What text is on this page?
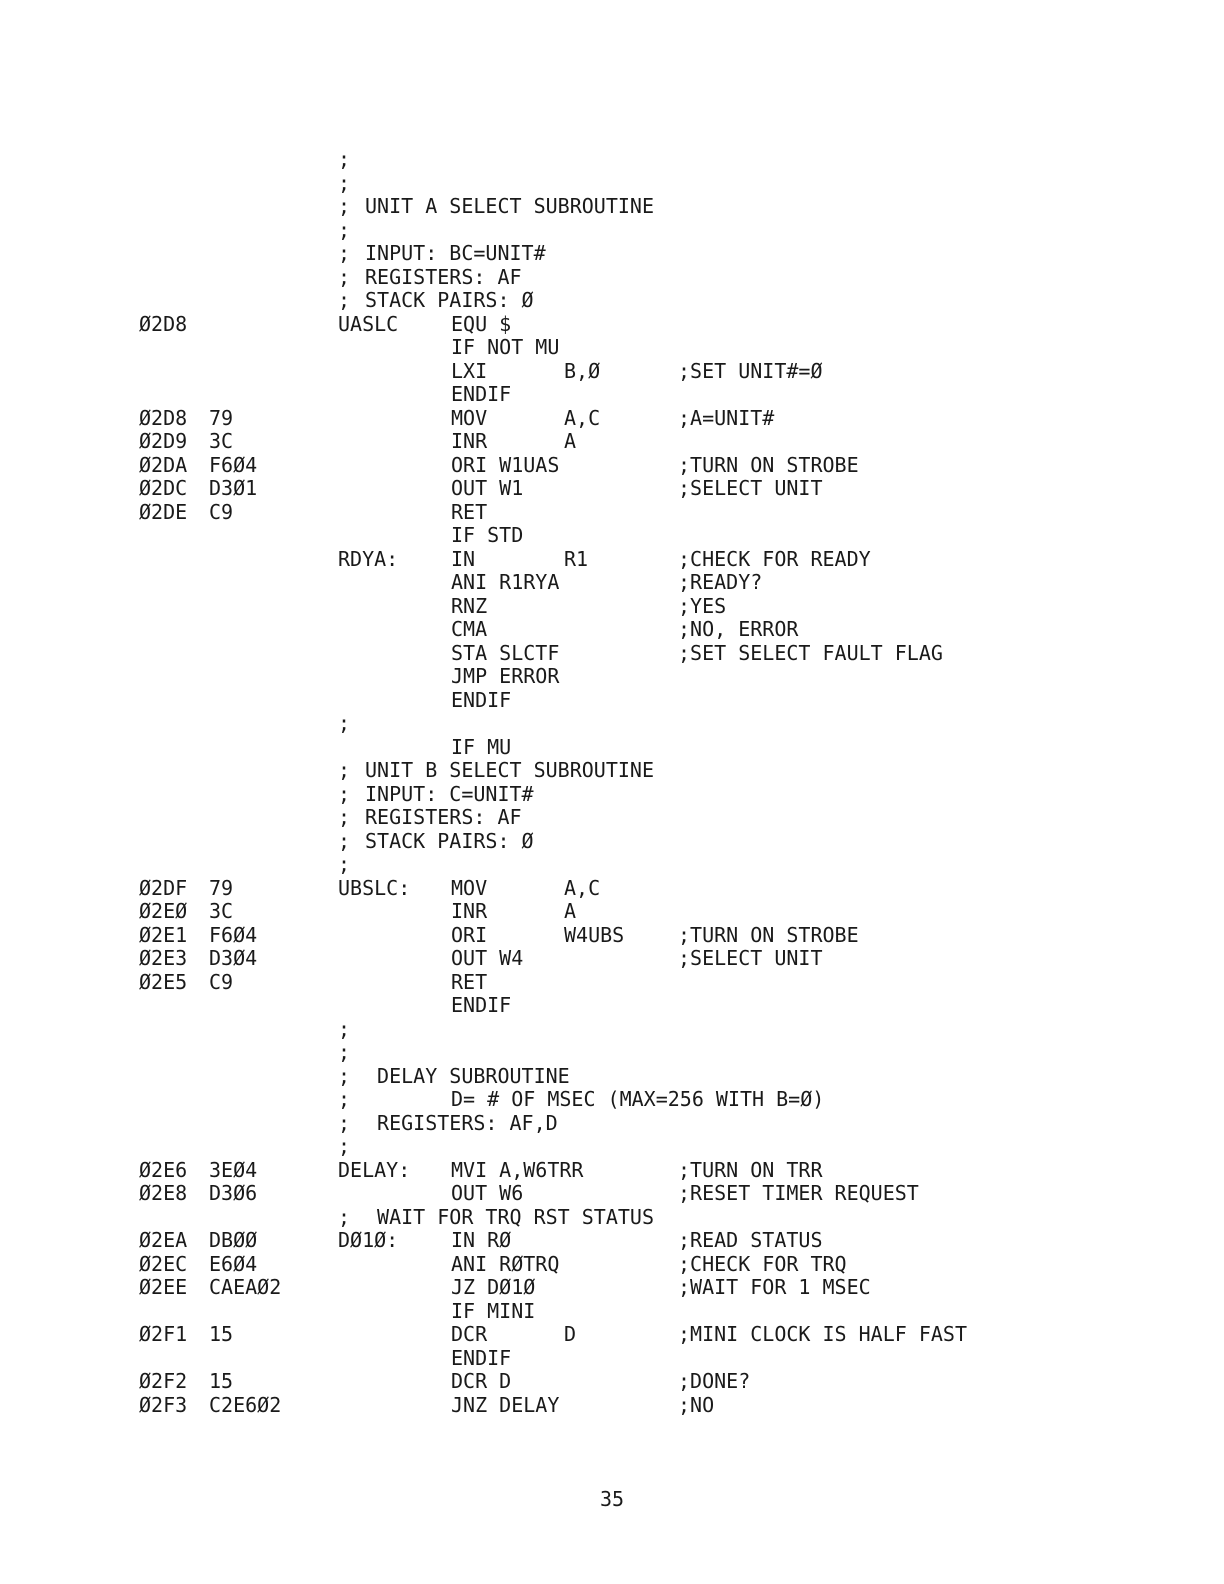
;
;
; UNIT A SELECT SUBROUTINE
;
; INPUT: BC=UNIT#
; REGISTERS: AF
; STACK PAIRS: Ø
Ø2D8	UASLC	EQU $
IF NOT MU
LXI	B,Ø	;SET UNIT#=Ø
ENDIF
Ø2D8 79	MOV	A,C	;A=UNIT#
Ø2D9 3C	INR	A
Ø2DA F6Ø4	ORI W1UAS	;TURN ON STROBE
Ø2DC D3Ø1	OUT W1	;SELECT UNIT
Ø2DE C9	RET
IF STD
RDYA:	IN	R1	;CHECK FOR READY
ANI R1RYA	;READY?
RNZ	;YES
CMA	;NO, ERROR
STA SLCTF	;SET SELECT FAULT FLAG
JMP ERROR
ENDIF
;
IF MU
; UNIT B SELECT SUBROUTINE
; INPUT: C=UNIT#
; REGISTERS: AF
; STACK PAIRS: Ø
;
Ø2DF 79	UBSLC: MOV	A,C
Ø2EØ 3C	INR	A
Ø2E1 F6Ø4	ORI	W4UBS	;TURN ON STROBE
Ø2E3 D3Ø4	OUT W4	;SELECT UNIT
Ø2E5 C9	RET
ENDIF
;
;
; DELAY SUBROUTINE
;	D= # OF MSEC (MAX=256 WITH B=Ø)
; REGISTERS: AF,D
;
Ø2E6 3EØ4	DELAY: MVI A,W6TRR	;TURN ON TRR
Ø2E8 D3Ø6	OUT W6	;RESET TIMER REQUEST
; WAIT FOR TRQ RST STATUS
Ø2EA DBØØ	DØ1Ø:	IN RØ	;READ STATUS
Ø2EC E6Ø4	ANI RØTRQ	;CHECK FOR TRQ
Ø2EE CAEAØ2	JZ DØ1Ø	;WAIT FOR 1 MSEC
IF MINI
Ø2F1 15	DCR	D	;MINI CLOCK IS HALF FAST
ENDIF
Ø2F2 15	DCR D	;DONE?
Ø2F3 C2E6Ø2	JNZ DELAY	;NO
35
